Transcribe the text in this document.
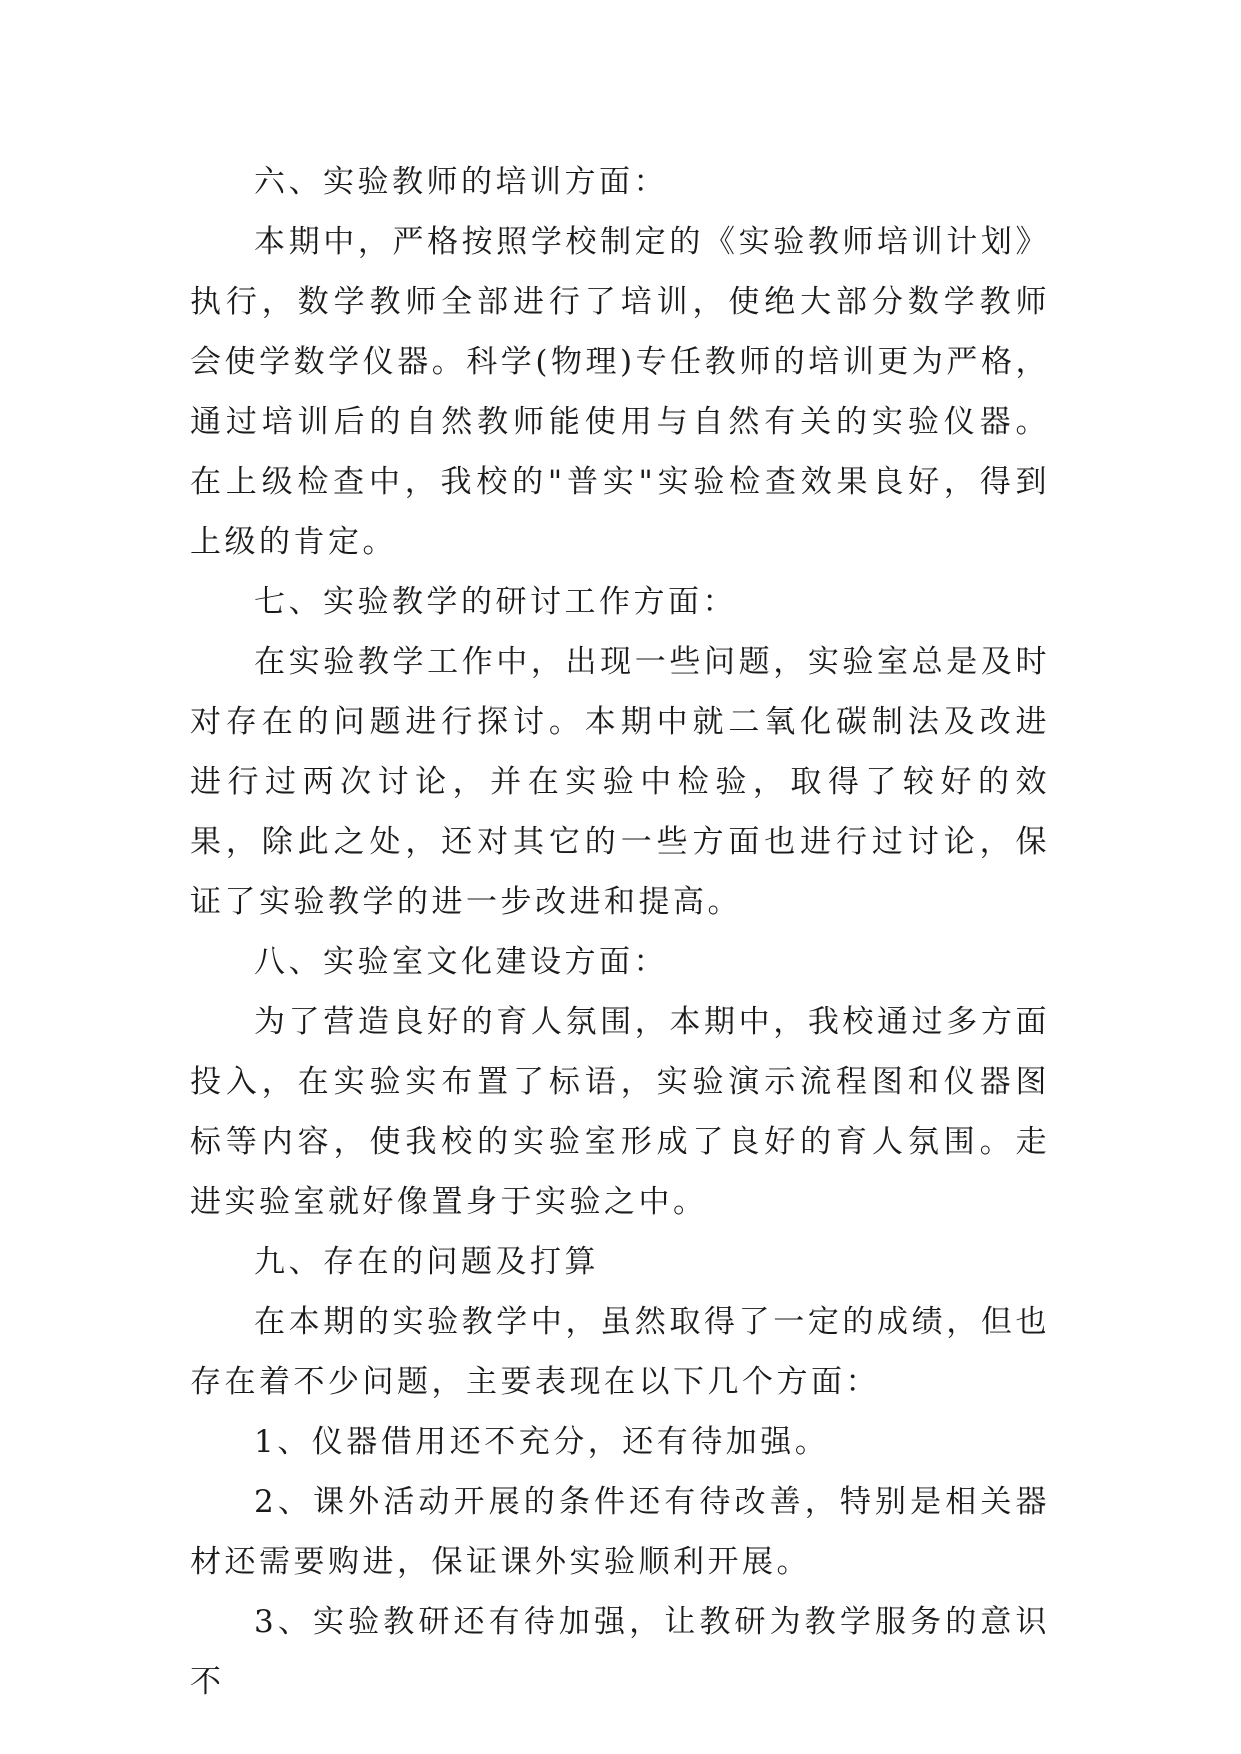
六、实验教师的培训方面：

本期中，严格按照学校制定的《实验教师培训计划》执行，数学教师全部进行了培训，使绝大部分数学教师会使学数学仪器。科学(物理)专任教师的培训更为严格，通过培训后的自然教师能使用与自然有关的实验仪器。在上级检查中，我校的"普实"实验检查效果良好，得到上级的肯定。

七、实验教学的研讨工作方面：

在实验教学工作中，出现一些问题，实验室总是及时对存在的问题进行探讨。本期中就二氧化碳制法及改进进行过两次讨论，并在实验中检验，取得了较好的效果，除此之处，还对其它的一些方面也进行过讨论，保证了实验教学的进一步改进和提高。

八、实验室文化建设方面：

为了营造良好的育人氛围，本期中，我校通过多方面投入，在实验实布置了标语，实验演示流程图和仪器图标等内容，使我校的实验室形成了良好的育人氛围。走进实验室就好像置身于实验之中。

九、存在的问题及打算

在本期的实验教学中，虽然取得了一定的成绩，但也存在着不少问题，主要表现在以下几个方面：

1、仪器借用还不充分，还有待加强。

2、课外活动开展的条件还有待改善，特别是相关器材还需要购进，保证课外实验顺利开展。

3、实验教研还有待加强，让教研为教学服务的意识不
